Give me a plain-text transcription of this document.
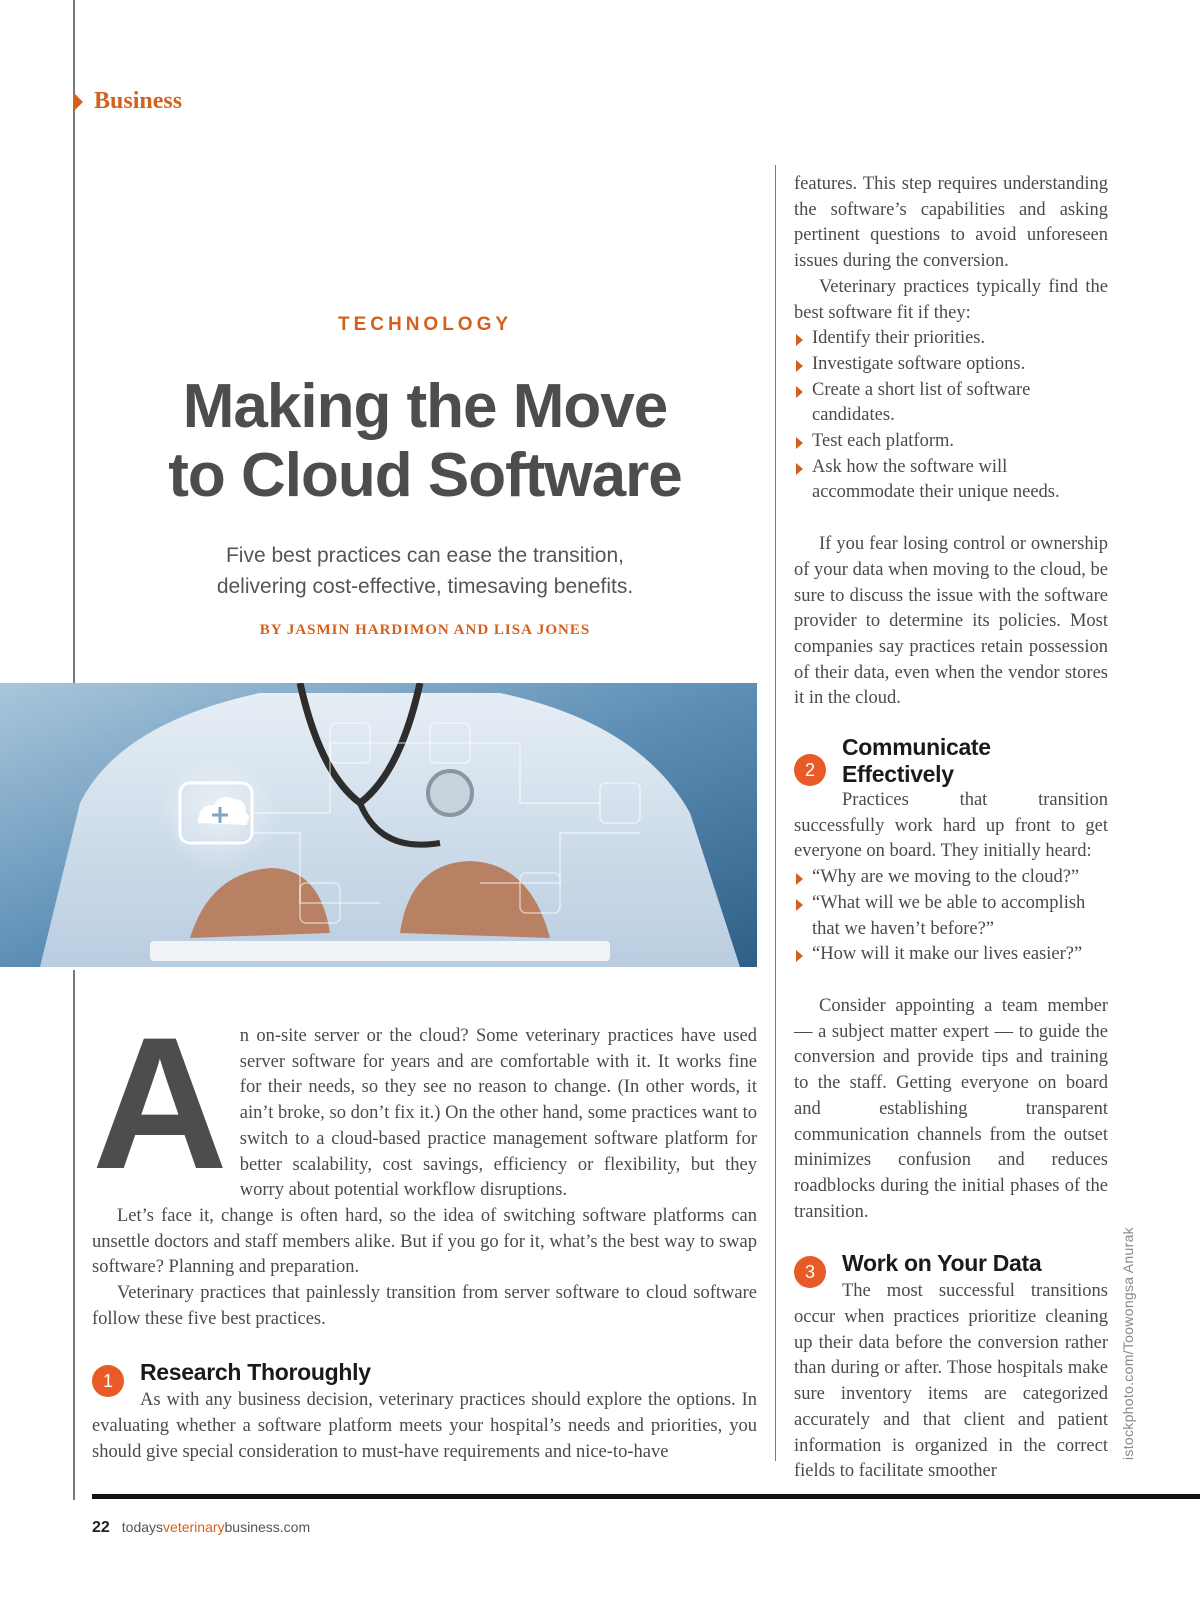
Business
TECHNOLOGY
Making the Move
to Cloud Software
Five best practices can ease the transition,
delivering cost-effective, timesaving benefits.
BY JASMIN HARDIMON AND LISA JONES
A n on-site server or the cloud? Some veterinary practices have used server software for years and are comfortable with it. It works fine for their needs, so they see no reason to change. (In other words, it ain’t broke, so don’t fix it.) On the other hand, some practices want to switch to a cloud-based practice management software platform for better scalability, cost savings, efficiency or flexibility, but they worry about potential workflow disruptions.

Let’s face it, change is often hard, so the idea of switching software platforms can unsettle doctors and staff members alike. But if you go for it, what’s the best way to swap software? Planning and preparation.

Veterinary practices that painlessly transition from server software to cloud software follow these five best practices.

1	Research Thoroughly

As with any business decision, veterinary practices should explore the options. In evaluating whether a software platform meets your hospital’s needs and priorities, you should give special consideration to must-have requirements and nice-to-have

features. This step requires understanding the software’s capabilities and asking pertinent questions to avoid unforeseen issues during the conversion.

Veterinary practices typically find the best software fit if they:

Identify their priorities.
Investigate software options.
Create a short list of software candidates.
Test each platform.
Ask how the software will accommodate their unique needs.

If you fear losing control or ownership of your data when moving to the cloud, be sure to discuss the issue with the software provider to determine its policies. Most companies say practices retain possession of their data, even when the vendor stores it in the cloud.

2
Communicate Effectively

Practices that transition successfully work hard up front to get everyone on board. They initially heard:

“Why are we moving to the cloud?”
“What will we be able to accomplish that we haven’t before?”
“How will it make our lives easier?”

Consider appointing a team member — a subject matter expert — to guide the conversion and provide tips and training to the staff. Getting everyone on board and establishing transparent communication channels from the outset minimizes confusion and reduces roadblocks during the initial phases of the transition.

3	Work on Your Data

The most successful transitions occur when practices prioritize cleaning up their data before the conversion rather than during or after. Those hospitals make sure inventory items are categorized accurately and that client and patient information is organized in the correct fields to facilitate smoother

istockphoto.com/Toowongsa Anurak
22 todaysveterinarybusiness.com
